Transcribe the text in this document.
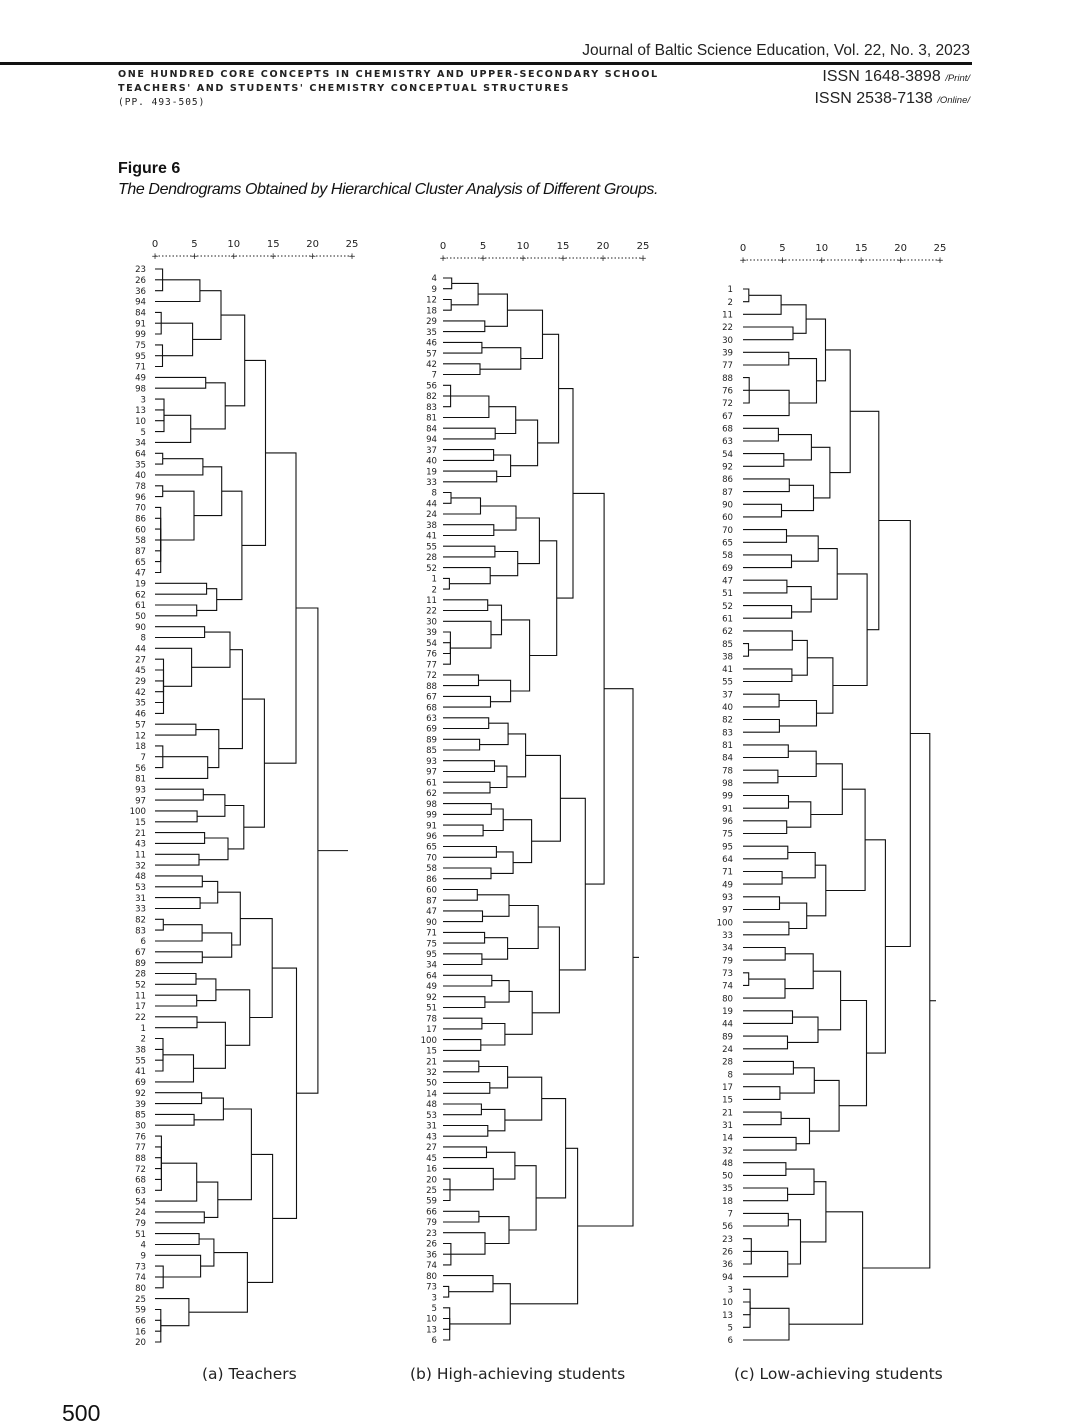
Journal of Baltic Science Education, Vol. 22, No. 3, 2023
ONE HUNDRED CORE CONCEPTS IN CHEMISTRY AND UPPER-SECONDARY SCHOOL
TEACHERS' AND STUDENTS' CHEMISTRY CONCEPTUAL STRUCTURES
(PP. 493-505)
ISSN 1648-3898 /Print/
ISSN 2538-7138 /Online/
Figure 6
The Dendrograms Obtained by Hierarchical Cluster Analysis of Different Groups.
0	5	10	15	20	25
+	+	+	+	+	+
23
26
36
94
84
91
99
75
95
71
49
98
3
13
10
5
34
64
35
40
78
96
70
86
60
58
87
65
47
19
62
61
50
90
8
44
27
45
29
42
35
46
57
12
18
7
56
81
93
97
100
15
21
43
11
32
48
53
31
33
82
83
6
67
89
28
52
11
17
22
1
2
38
55
41
69
92
39
85
30
76
77
88
72
68
63
54
24
79
51
4
9
73
74
80
25
59
66
16
20
0	5	10	15	20	25
+	+	+	+	+	+
4
9
12
18
29
35
46
57
42
7
56
82
83
81
84
94
37
40
19
33
8
44
24
38
41
55
28
52
1
2
11
22
30
39
54
76
77
72
88
67
68
63
69
89
85
93
97
61
62
98
99
91
96
65
70
58
86
60
87
47
90
71
75
95
34
64
49
92
51
78
17
100
15
21
32
50
14
48
53
31
43
27
45
16
20
25
59
66
79
23
26
36
74
80
73
3
5
10
13
6
0	5	10	15	20	25
+	+	+	+	+	+
1
2
11
22
30
39
77
88
76
72
67
68
63
54
92
86
87
90
60
70
65
58
69
47
51
52
61
62
85
38
41
55
37
40
82
83
81
84
78
98
99
91
96
75
95
64
71
49
93
97
100
33
34
79
73
74
80
19
44
89
24
28
8
17
15
21
31
14
32
48
50
35
18
7
56
23
26
36
94
3
10
13
5
6
(a) Teachers	(b) High-achieving students	(c) Low-achieving students
500
